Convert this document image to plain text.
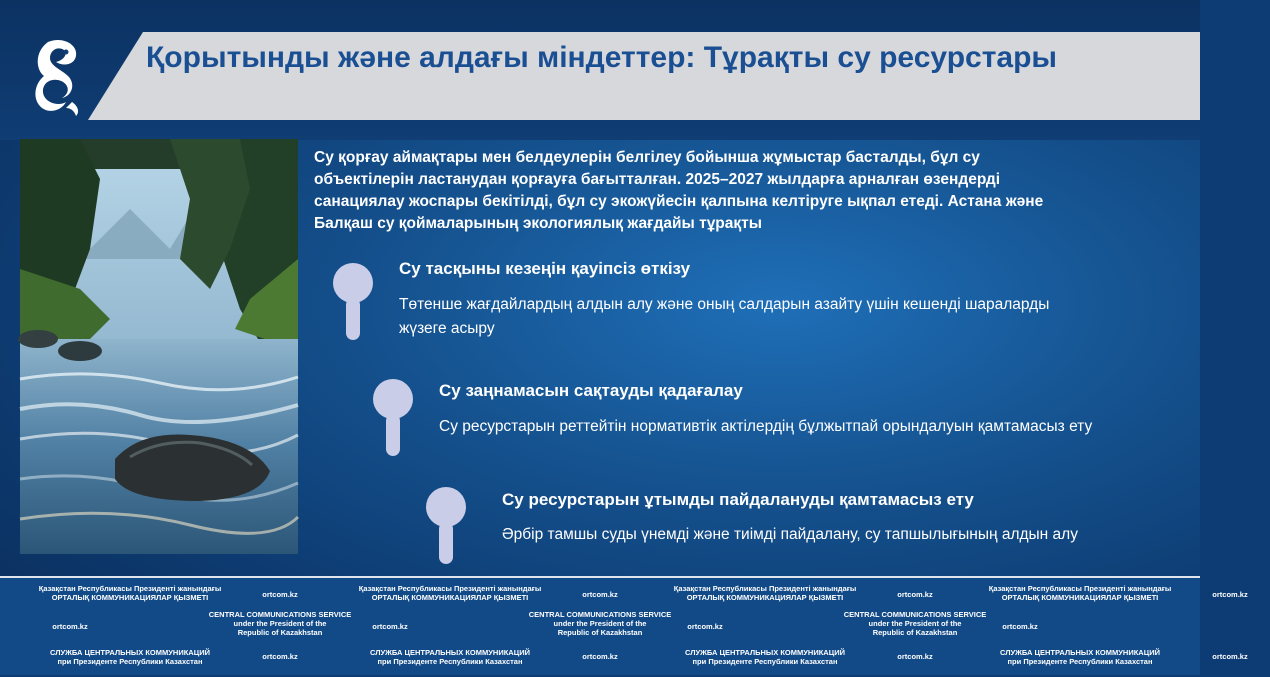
Қорытынды және алдағы міндеттер: Тұрақты су ресурстары
Су қорғау аймақтары мен белдеулерін белгілеу бойынша жұмыстар басталды, бұл су объектілерін ластанудан қорғауға бағытталған. 2025–2027 жылдарға арналған өзендерді санациялау жоспары бекітілді, бұл су экожүйесін қалпына келтіруге ықпал етеді. Астана және Балқаш су қоймаларының экологиялық жағдайы тұрақты
Су тасқыны кезеңін қауіпсіз өткізу
Төтенше жағдайлардың алдын алу және оның салдарын азайту үшін кешенді шараларды жүзеге асыру
Су заңнамасын сақтауды қадағалау
Су ресурстарын реттейтін нормативтік актілердің бұлжытпай орындалуын қамтамасыз ету
Су ресурстарын ұтымды пайдалануды қамтамасыз ету
Әрбір тамшы суды үнемді және тиімді пайдалану, су тапшылығының алдын алу
Қазақстан Республикасы Президенті жанындағы
ОРТАЛЫҚ КОММУНИКАЦИЯЛАР ҚЫЗМЕТІ	ortcom.kz
ortcom.kz
СЛУЖБА ЦЕНТРАЛЬНЫХ КОММУНИКАЦИЙ
при Президенте Республики Казахстан
ortcom.kz
Қазақстан Республикасы Президенті жанындағы
ОРТАЛЫҚ КОММУНИКАЦИЯЛАР ҚЫЗМЕТІ	ortcom.kz
ortcom.kz
СЛУЖБА ЦЕНТРАЛЬНЫХ КОММУНИКАЦИЙ
при Президенте Республики Казахстан
ortcom.kz
Қазақстан Республикасы Президенті жанындағы
ОРТАЛЫҚ КОММУНИКАЦИЯЛАР ҚЫЗМЕТІ	ortcom.kz
ortcom.kz
СЛУЖБА ЦЕНТРАЛЬНЫХ КОММУНИКАЦИЙ
при Президенте Республики Казахстан
ortcom.kz
Қазақстан Республикасы Президенті жанындағы
ОРТАЛЫҚ КОММУНИКАЦИЯЛАР ҚЫЗМЕТІ	ortcom.kz
ortcom.kz
СЛУЖБА ЦЕНТРАЛЬНЫХ КОММУНИКАЦИЙ
при Президенте Республики Казахстан
ortcom.kz
CENTRAL COMMUNICATIONS SERVICE
under the President of the
Republic of Kazakhstan
CENTRAL COMMUNICATIONS SERVICE
under the President of the
Republic of Kazakhstan
CENTRAL COMMUNICATIONS SERVICE
under the President of the
Republic of Kazakhstan
